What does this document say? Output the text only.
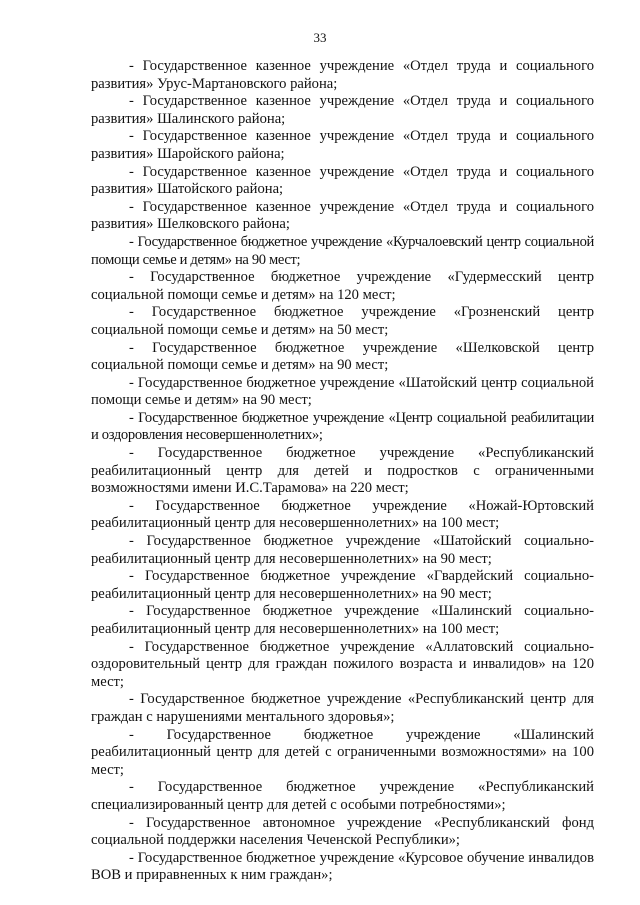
33

- Государственное казенное учреждение «Отдел труда и социального развития» Урус-Мартановского района;

- Государственное казенное учреждение «Отдел труда и социального развития» Шалинского района;

- Государственное казенное учреждение «Отдел труда и социального развития» Шаройского района;

- Государственное казенное учреждение «Отдел труда и социального развития» Шатойского района;

- Государственное казенное учреждение «Отдел труда и социального развития» Шелковского района;

- Государственное бюджетное учреждение «Курчалоевский центр социальной помощи семье и детям» на 90 мест;

- Государственное бюджетное учреждение «Гудермесский центр социальной помощи семье и детям» на 120 мест;

- Государственное бюджетное учреждение «Грозненский центр социальной помощи семье и детям» на 50 мест;

- Государственное бюджетное учреждение «Шелковской центр социальной помощи семье и детям» на 90 мест;

- Государственное бюджетное учреждение «Шатойский центр социальной помощи семье и детям» на 90 мест;

- Государственное бюджетное учреждение «Центр социальной реабилитации и оздоровления несовершеннолетних»;

- Государственное бюджетное учреждение «Республиканский реабилитационный центр для детей и подростков с ограниченными возможностями имени И.С.Тарамова» на 220 мест;

- Государственное бюджетное учреждение «Ножай-Юртовский реабилитационный центр для несовершеннолетних» на 100 мест;

- Государственное бюджетное учреждение «Шатойский социально-реабилитационный центр для несовершеннолетних» на 90 мест;

- Государственное бюджетное учреждение «Гвардейский социально-реабилитационный центр для несовершеннолетних» на 90 мест;

- Государственное бюджетное учреждение «Шалинский социально-реабилитационный центр для несовершеннолетних» на 100 мест;

- Государственное бюджетное учреждение «Аллатовский социально-оздоровительный центр для граждан пожилого возраста и инвалидов» на 120 мест;

- Государственное бюджетное учреждение «Республиканский центр для граждан с нарушениями ментального здоровья»;

- Государственное бюджетное учреждение «Шалинский реабилитационный центр для детей с ограниченными возможностями» на 100 мест;

- Государственное бюджетное учреждение «Республиканский специализированный центр для детей с особыми потребностями»;

- Государственное автономное учреждение «Республиканский фонд социальной поддержки населения Чеченской Республики»;

- Государственное бюджетное учреждение «Курсовое обучение инвалидов ВОВ и приравненных к ним граждан»;
